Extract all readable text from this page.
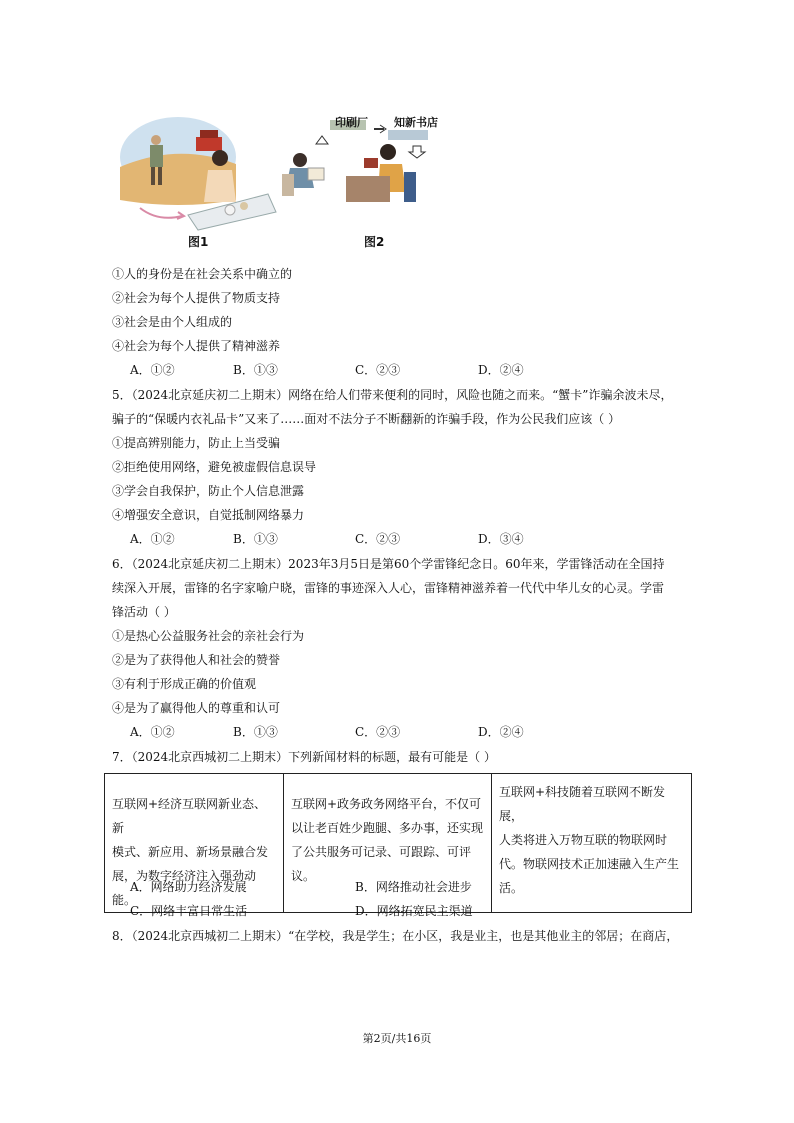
印刷厂 知新书店
图1	图2
①人的身份是在社会关系中确立的
②社会为每个人提供了物质支持
③社会是由个人组成的
④社会为每个人提供了精神滋养
A．①②	B．①③	C．②③	D．②④
5．（2024北京延庆初二上期末）网络在给人们带来便利的同时，风险也随之而来。“蟹卡”诈骗余波未尽，
骗子的“保暖内衣礼品卡”又来了……面对不法分子不断翻新的诈骗手段，作为公民我们应该（ ）
①提高辨别能力，防止上当受骗
②拒绝使用网络，避免被虚假信息误导
③学会自我保护，防止个人信息泄露
④增强安全意识，自觉抵制网络暴力
A．①②	B．①③	C．②③	D．③④
6．（2024北京延庆初二上期末）2023年3月5日是第60个学雷锋纪念日。60年来，学雷锋活动在全国持
续深入开展，雷锋的名字家喻户晓，雷锋的事迹深入人心，雷锋精神滋养着一代代中华儿女的心灵。学雷
锋活动（ ）
①是热心公益服务社会的亲社会行为
②是为了获得他人和社会的赞誉
③有利于形成正确的价值观
④是为了赢得他人的尊重和认可
A．①②	B．①③	C．②③	D．②④
7．（2024北京西城初二上期末）下列新闻材料的标题，最有可能是（ ）
互联网+经济互联网新业态、新
模式、新应用、新场景融合发
展，为数字经济注入强劲动能。

互联网+政务政务网络平台，不仅可
以让老百姓少跑腿、多办事，还实现
了公共服务可记录、可跟踪、可评议。

互联网+科技随着互联网不断发展，
人类将进入万物互联的物联网时
代。物联网技术正加速融入生产生
活。
A．网络助力经济发展	B．网络推动社会进步
C．网络丰富日常生活	D．网络拓宽民主渠道
8．（2024北京西城初二上期末）“在学校，我是学生；在小区，我是业主，也是其他业主的邻居；在商店，
第2页/共16页
